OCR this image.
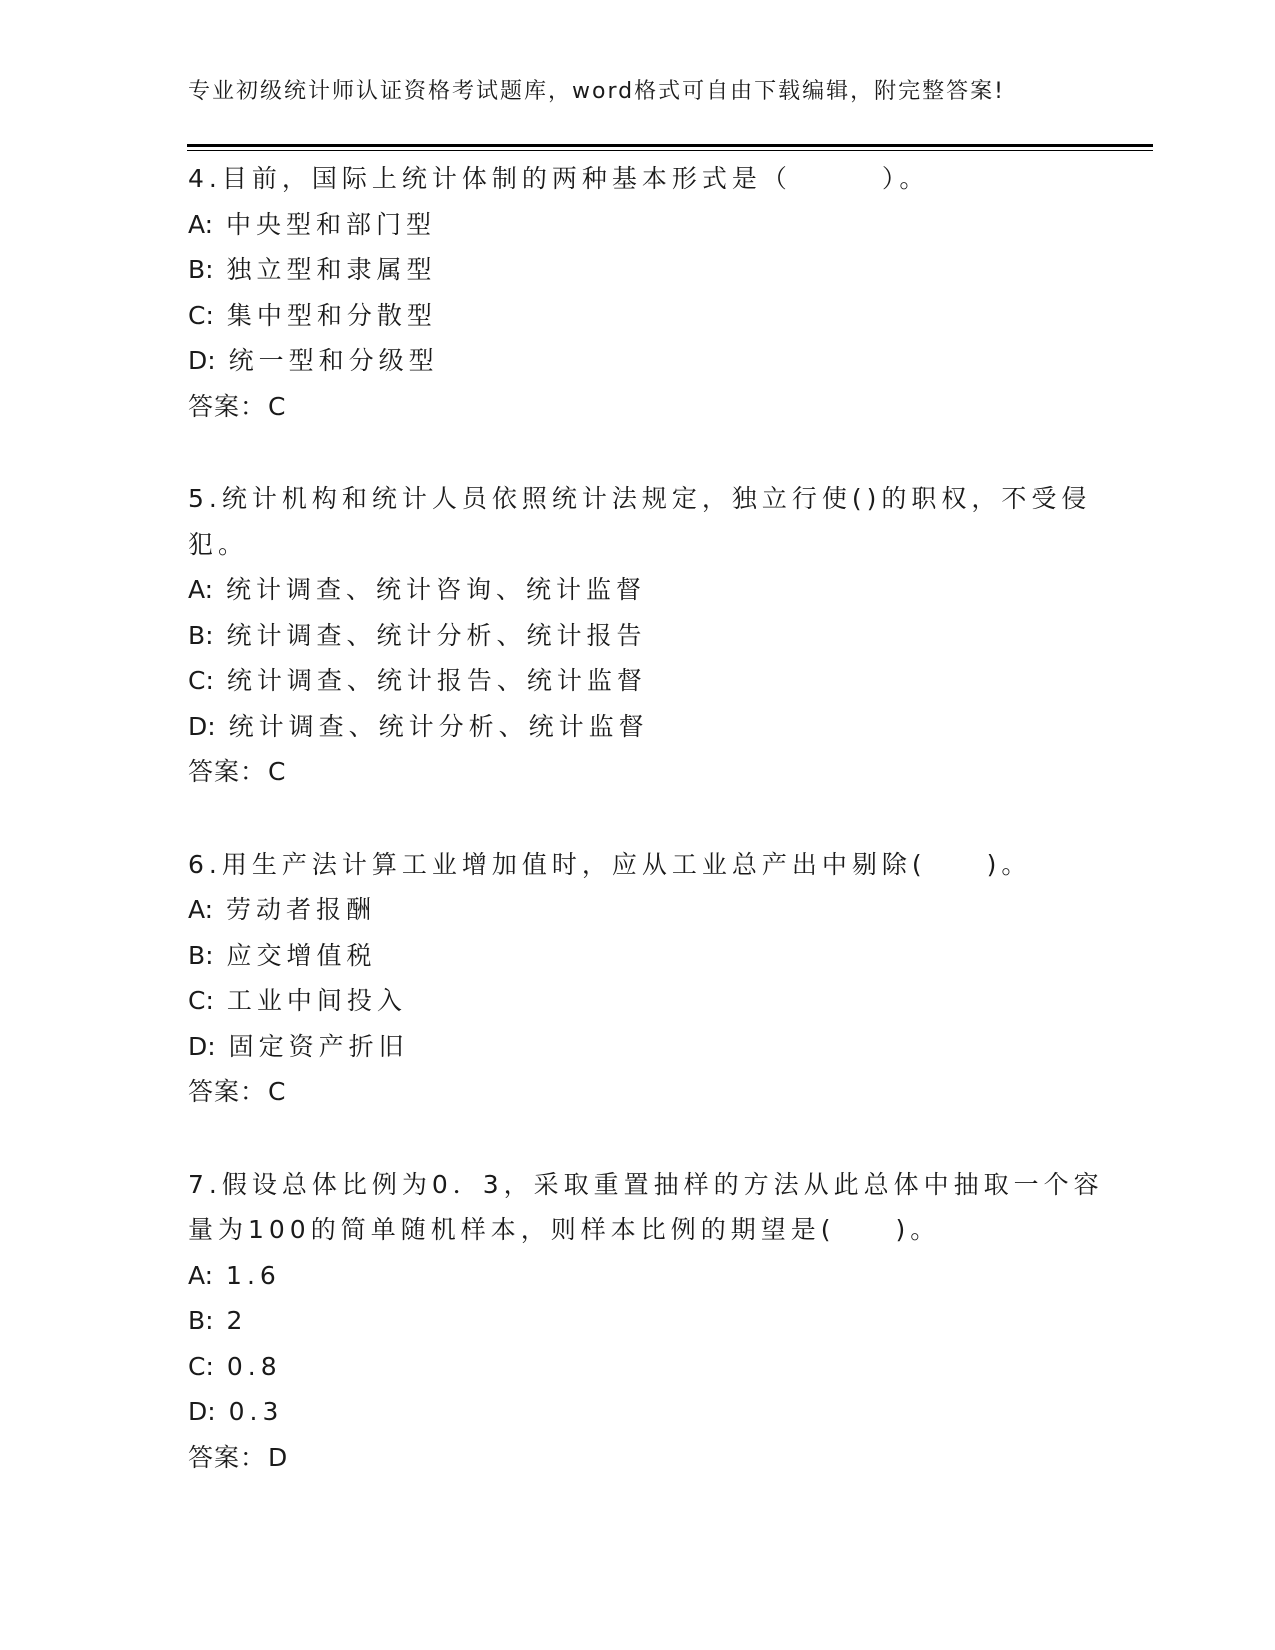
专业初级统计师认证资格考试题库，word格式可自由下载编辑，附完整答案!
4.目前，国际上统计体制的两种基本形式是（　　　）。
A: 中央型和部门型
B: 独立型和隶属型
C: 集中型和分散型
D: 统一型和分级型
答案：C
5.统计机构和统计人员依照统计法规定，独立行使()的职权，不受侵
犯。
A: 统计调查、统计咨询、统计监督
B: 统计调查、统计分析、统计报告
C: 统计调查、统计报告、统计监督
D: 统计调查、统计分析、统计监督
答案：C
6.用生产法计算工业增加值时，应从工业总产出中剔除(　　)。
A: 劳动者报酬
B: 应交增值税
C: 工业中间投入
D: 固定资产折旧
答案：C
7.假设总体比例为0．3，采取重置抽样的方法从此总体中抽取一个容
量为100的简单随机样本，则样本比例的期望是(　　)。
A: 1.6
B: 2
C: 0.8
D: 0.3
答案：D
